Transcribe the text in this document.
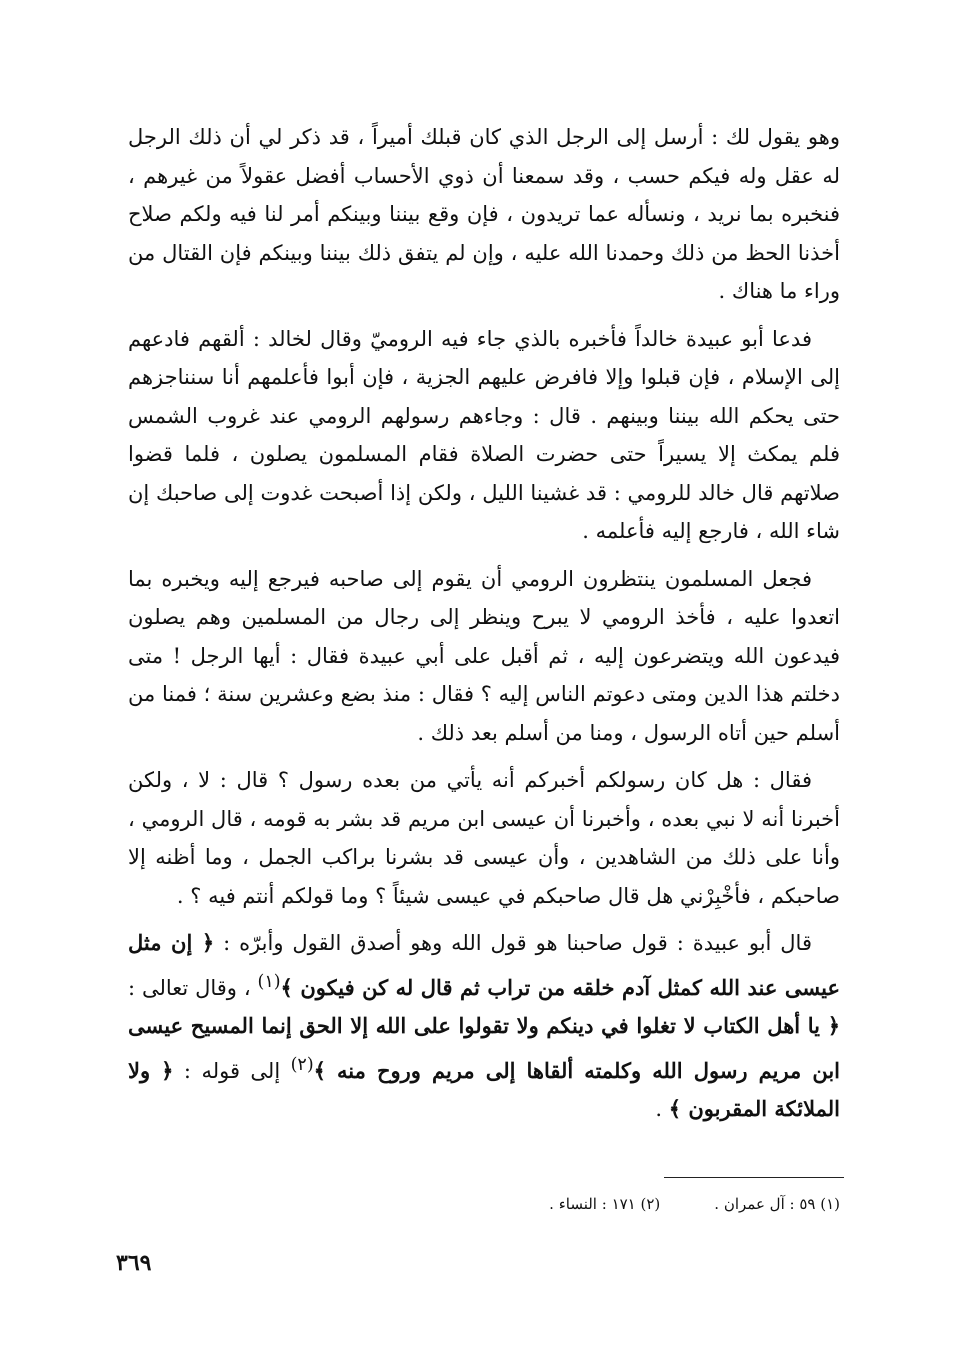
وهو يقول لك : أرسل إلى الرجل الذي كان قبلك أميراً ، قد ذكر لي أن ذلك الرجل له عقل وله فيكم حسب ، وقد سمعنا أن ذوي الأحساب أفضل عقولاً من غيرهم ، فنخبره بما نريد ، ونسأله عما تريدون ، فإن وقع بيننا وبينكم أمر لنا فيه ولكم صلاح أخذنا الحظ من ذلك وحمدنا الله عليه ، وإن لم يتفق ذلك بيننا وبينكم فإن القتال من وراء ما هناك .

فدعا أبو عبيدة خالداً فأخبره بالذي جاء فيه الروميّ وقال لخالد : ألقهم فادعهم إلى الإسلام ، فإن قبلوا وإلا فافرض عليهم الجزية ، فإن أبوا فأعلمهم أنا سنناجزهم حتى يحكم الله بيننا وبينهم . قال : وجاءهم رسولهم الرومي عند غروب الشمس فلم يمكث إلا يسيراً حتى حضرت الصلاة فقام المسلمون يصلون ، فلما قضوا صلاتهم قال خالد للرومي : قد غشينا الليل ، ولكن إذا أصبحت غدوت إلى صاحبك إن شاء الله ، فارجع إليه فأعلمه .

فجعل المسلمون ينتظرون الرومي أن يقوم إلى صاحبه فيرجع إليه ويخبره بما اتعدوا عليه ، فأخذ الرومي لا يبرح وينظر إلى رجال من المسلمين وهم يصلون فيدعون الله ويتضرعون إليه ، ثم أقبل على أبي عبيدة فقال : أيها الرجل ! متى دخلتم هذا الدين ومتى دعوتم الناس إليه ؟ فقال : منذ بضع وعشرين سنة ؛ فمنا من أسلم حين أتاه الرسول ، ومنا من أسلم بعد ذلك .

فقال : هل كان رسولكم أخبركم أنه يأتي من بعده رسول ؟ قال : لا ، ولكن أخبرنا أنه لا نبي بعده ، وأخبرنا أن عيسى ابن مريم قد بشر به قومه ، قال الرومي ، وأنا على ذلك من الشاهدين ، وأن عيسى قد بشرنا براكب الجمل ، وما أظنه إلا صاحبكم ، فأخْبِرْني هل قال صاحبكم في عيسى شيئاً ؟ وما قولكم أنتم فيه ؟ .

قال أبو عبيدة : قول صاحبنا هو قول الله وهو أصدق القول وأبرّه : ﴿ إن مثل عيسى عند الله كمثل آدم خلقه من تراب ثم قال له كن فيكون ﴾$^{(١)}$ ، وقال تعالى : ﴿ يا أهل الكتاب لا تغلوا في دينكم ولا تقولوا على الله إلا الحق إنما المسيح عيسى ابن مريم رسول الله وكلمته ألقاها إلى مريم وروح منه ﴾$^{(٢)}$ إلى قوله : ﴿ ولا الملائكة المقربون ﴾ .

(١) ٥٩ : آل عمران .(٢) ١٧١ : النساء .
٣٦٩
